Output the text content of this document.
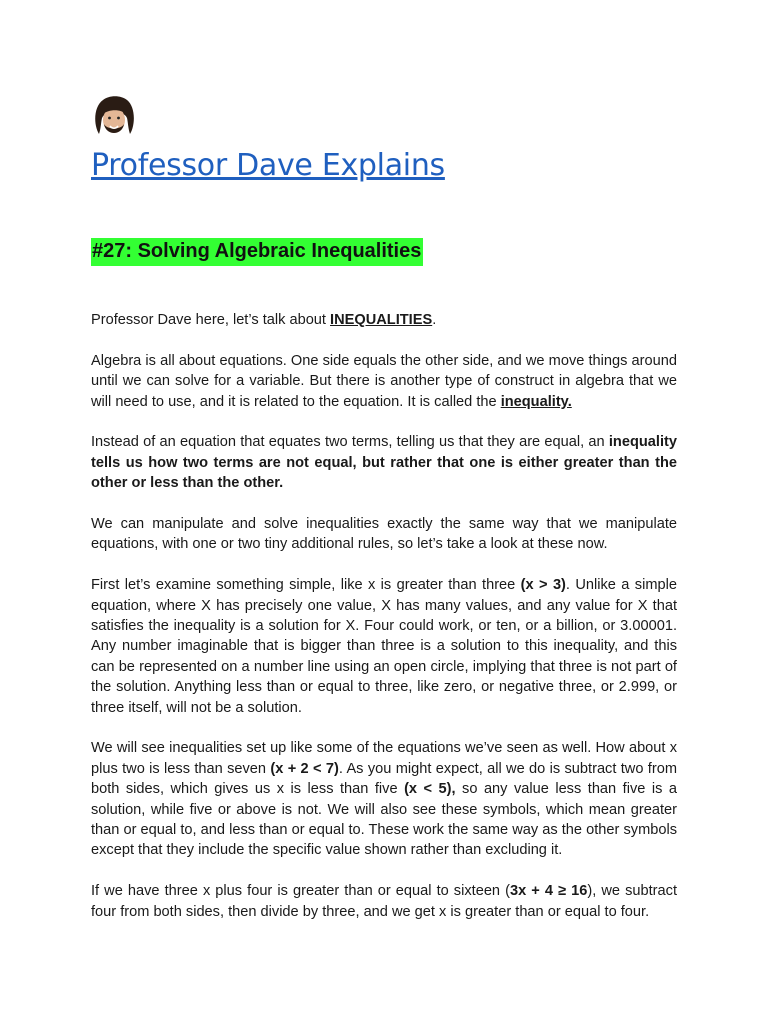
Professor Dave Explains
#27: Solving Algebraic Inequalities

Professor Dave here, let’s talk about INEQUALITIES.

Algebra is all about equations. One side equals the other side, and we move things around until we can solve for a variable. But there is another type of construct in algebra that we will need to use, and it is related to the equation. It is called the inequality.

Instead of an equation that equates two terms, telling us that they are equal, an inequality tells us how two terms are not equal, but rather that one is either greater than the other or less than the other.

We can manipulate and solve inequalities exactly the same way that we manipulate equations, with one or two tiny additional rules, so let’s take a look at these now.

First let’s examine something simple, like x is greater than three (x > 3). Unlike a simple equation, where X has precisely one value, X has many values, and any value for X that satisfies the inequality is a solution for X. Four could work, or ten, or a billion, or 3.00001. Any number imaginable that is bigger than three is a solution to this inequality, and this can be represented on a number line using an open circle, implying that three is not part of the solution. Anything less than or equal to three, like zero, or negative three, or 2.999, or three itself, will not be a solution.

We will see inequalities set up like some of the equations we’ve seen as well. How about x plus two is less than seven (x + 2 < 7). As you might expect, all we do is subtract two from both sides, which gives us x is less than five (x < 5), so any value less than five is a solution, while five or above is not. We will also see these symbols, which mean greater than or equal to, and less than or equal to. These work the same way as the other symbols except that they include the specific value shown rather than excluding it.

If we have three x plus four is greater than or equal to sixteen (3x + 4 ≥ 16), we subtract four from both sides, then divide by three, and we get x is greater than or equal to four.
